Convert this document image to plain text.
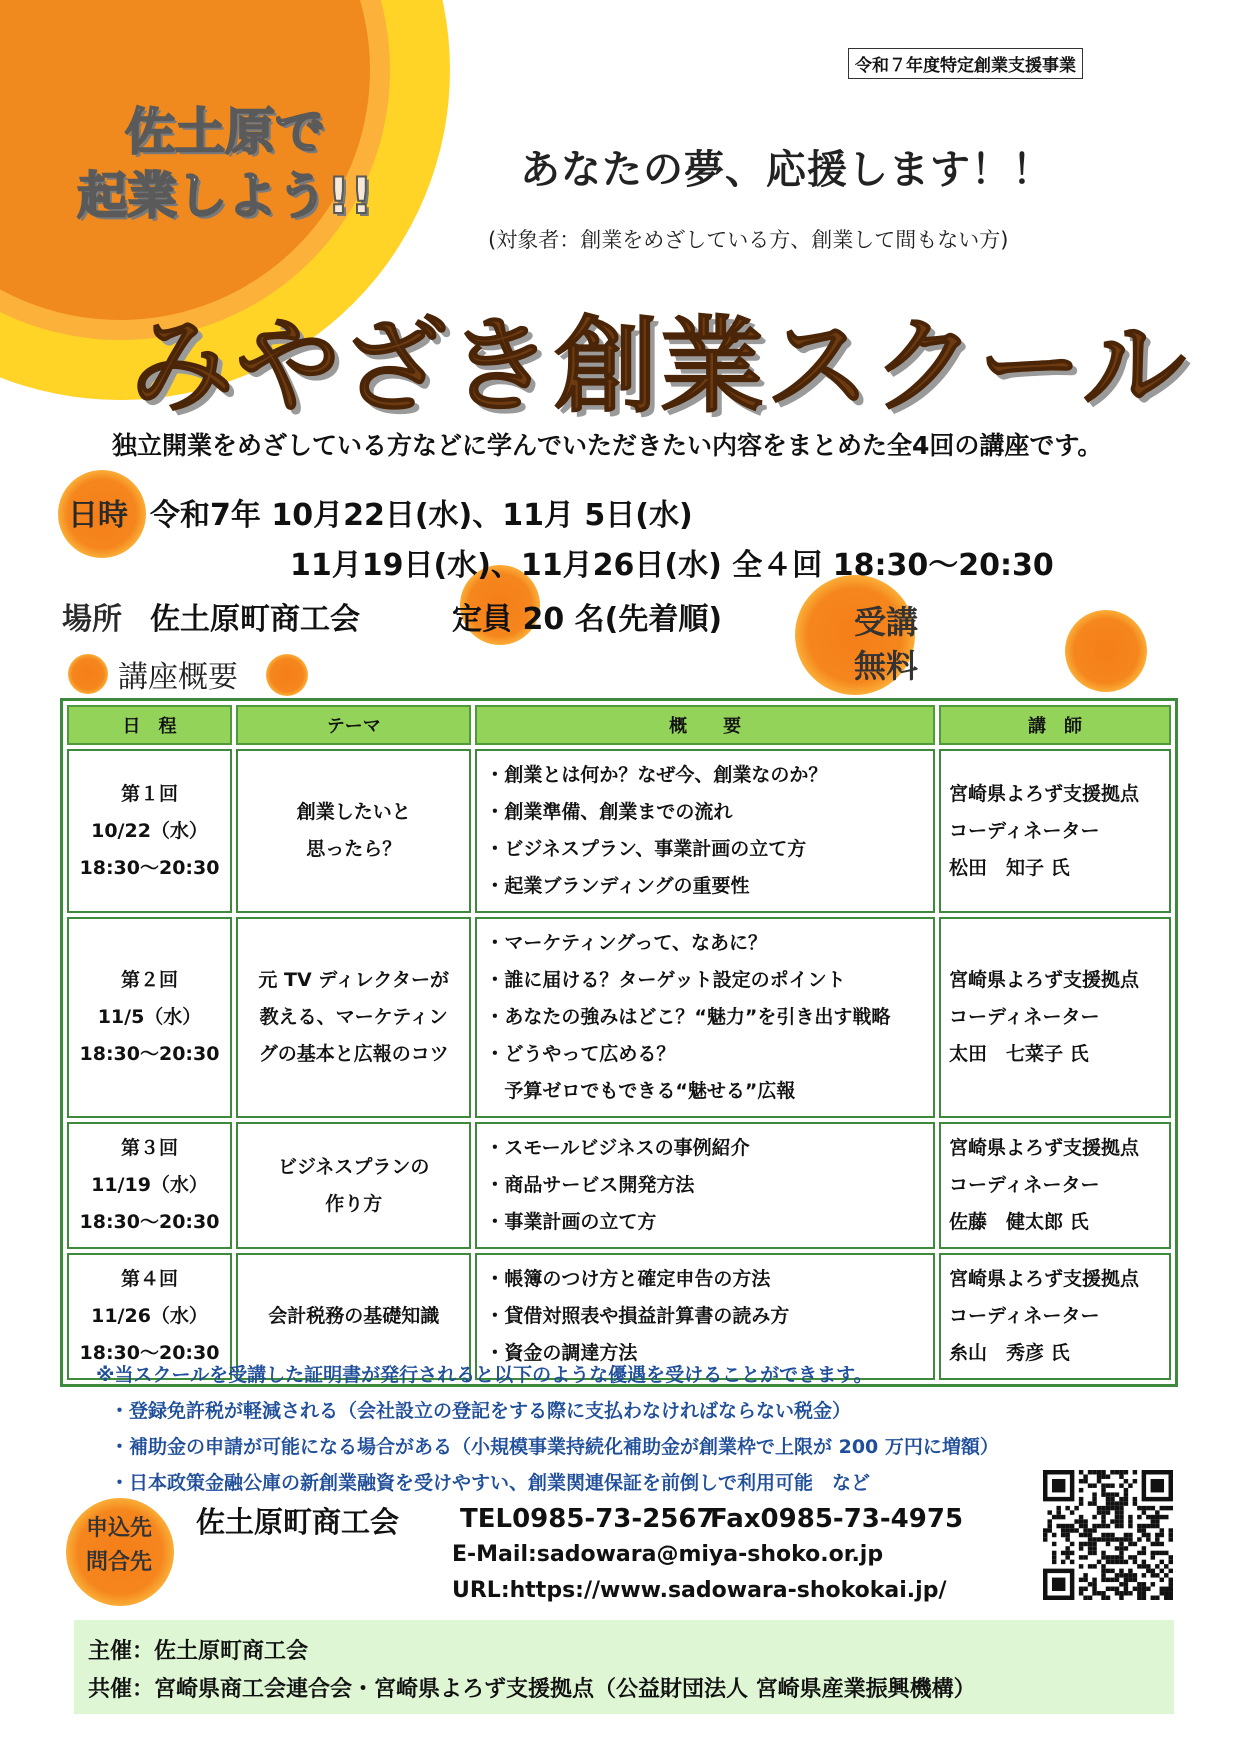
佐土原で
起業しよう!!
令和７年度特定創業支援事業
あなたの夢、応援します！！
(対象者：創業をめざしている方、創業して間もない方)
みやざき創業スクール
独立開業をめざしている方などに学んでいただきたい内容をまとめた全4回の講座です。
日時 令和7年 10月22日(水)、11月 5日(水)
11月19日(水)、11月26日(水) 全４回 18:30～20:30
場所 佐土原町商工会	定員 20 名(先着順)	受講
無料
講座概要
日　程	テーマ	概　　要	講　師

第１回
10/22（水）
18:30～20:30	創業したいと
思ったら？	・創業とは何か？なぜ今、創業なのか？
・創業準備、創業までの流れ
・ビジネスプラン、事業計画の立て方
・起業ブランディングの重要性	宮崎県よろず支援拠点
コーディネーター
松田　知子 氏

第２回
11/5（水）
18:30～20:30	元 TV ディレクターが
教える、マーケティン
グの基本と広報のコツ	・マーケティングって、なあに？
・誰に届ける？ターゲット設定のポイント
・あなたの強みはどこ？“魅力”を引き出す戦略
・どうやって広める？
　予算ゼロでもできる“魅せる”広報	宮崎県よろず支援拠点
コーディネーター
太田　七菜子 氏

第３回
11/19（水）
18:30～20:30	ビジネスプランの
作り方	・スモールビジネスの事例紹介
・商品サービス開発方法
・事業計画の立て方	宮崎県よろず支援拠点
コーディネーター
佐藤　健太郎 氏

第４回
11/26（水）
18:30～20:30	会計税務の基礎知識	・帳簿のつけ方と確定申告の方法
・貸借対照表や損益計算書の読み方
・資金の調達方法	宮崎県よろず支援拠点
コーディネーター
糸山　秀彦 氏
※当スクールを受講した証明書が発行されると以下のような優遇を受けることができます。
・登録免許税が軽減される（会社設立の登記をする際に支払わなければならない税金）
・補助金の申請が可能になる場合がある（小規模事業持続化補助金が創業枠で上限が 200 万円に増額）
・日本政策金融公庫の新創業融資を受けやすい、創業関連保証を前倒しで利用可能　など
申込先
問合先
佐土原町商工会 TEL0985-73-2567
Fax0985-73-4975
E-Mail:sadowara@miya-shoko.or.jp
URL:https://www.sadowara-shokokai.jp/
主催：佐土原町商工会
共催：宮崎県商工会連合会・宮崎県よろず支援拠点（公益財団法人 宮崎県産業振興機構）
